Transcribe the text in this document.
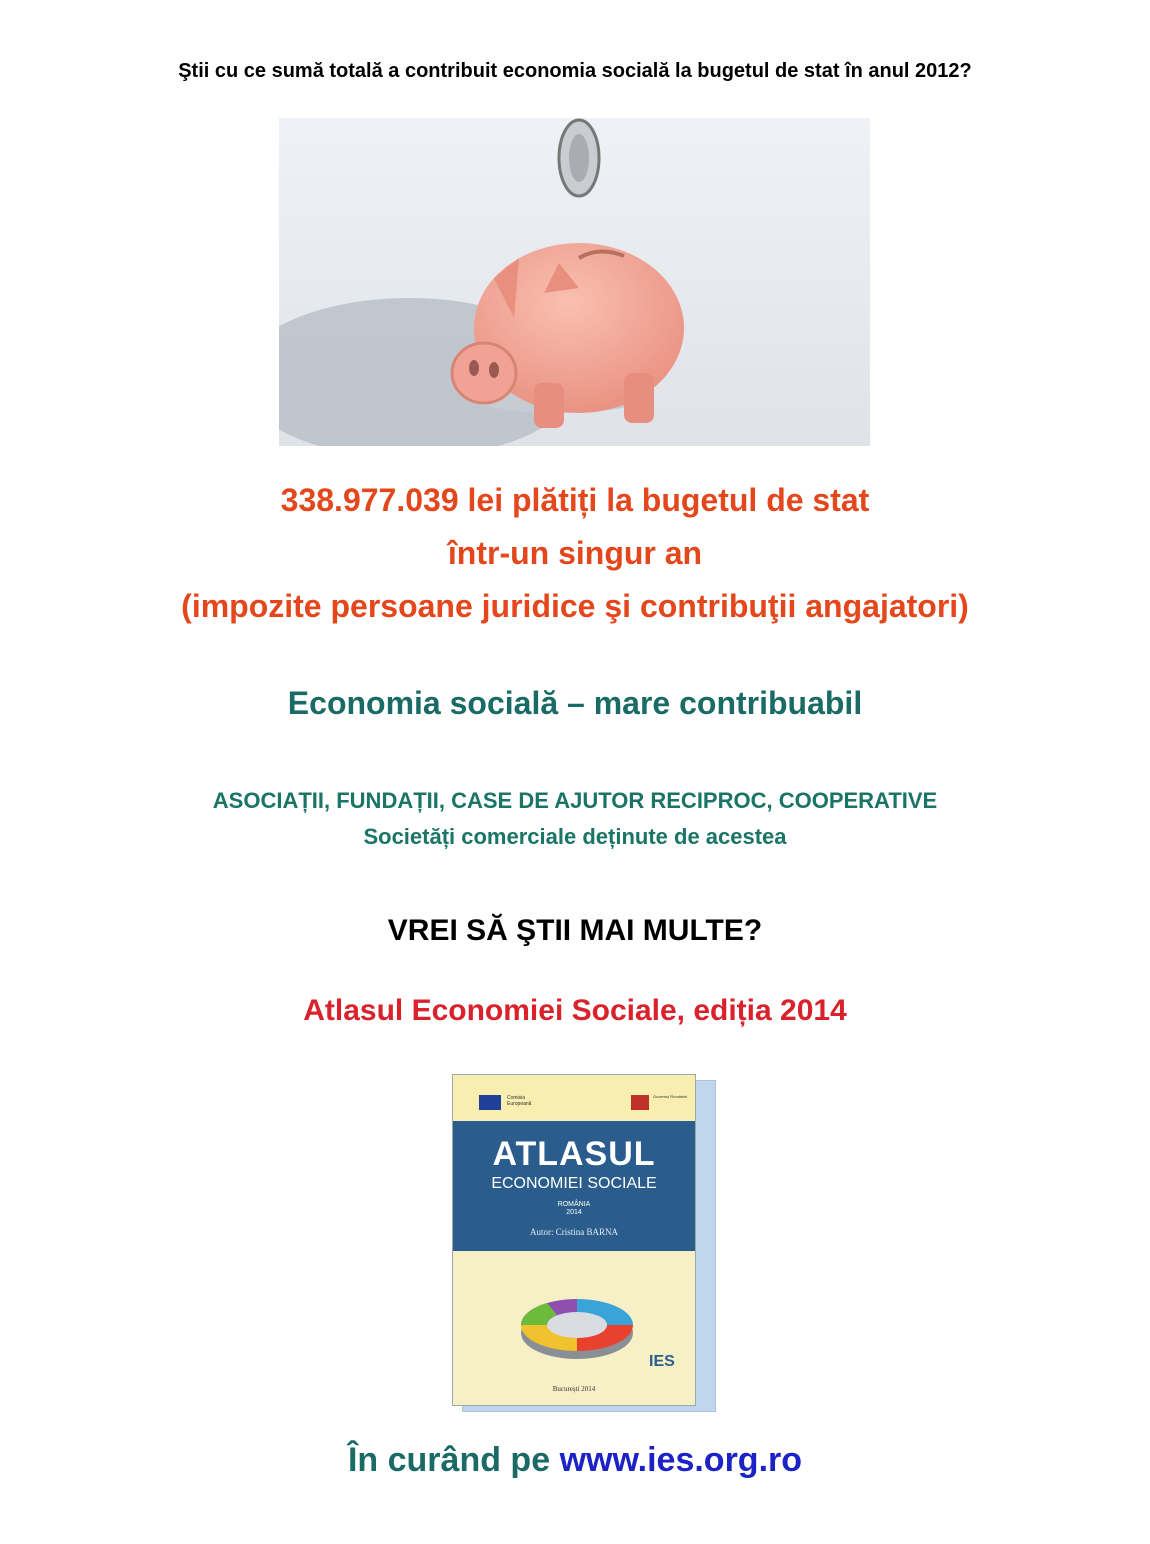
Ştii cu ce sumă totală a contribuit economia socială la bugetul de stat în anul 2012?
338.977.039 lei plătiți la bugetul de stat
într-un singur an
(impozite persoane juridice şi contribuţii angajatori)
Economia socială – mare contribuabil
ASOCIAȚII, FUNDAȚII, CASE DE AJUTOR RECIPROC, COOPERATIVE
Societăți comerciale deținute de acestea
VREI SĂ ŞTII MAI MULTE?
Atlasul Economiei Sociale, ediția 2014
Comisia Europeană
Guvernul României
ATLASUL
ECONOMIEI SOCIALE
ROMÂNIA
2014
Autor: Cristina BARNA
IES
București 2014
În curând pe www.ies.org.ro
